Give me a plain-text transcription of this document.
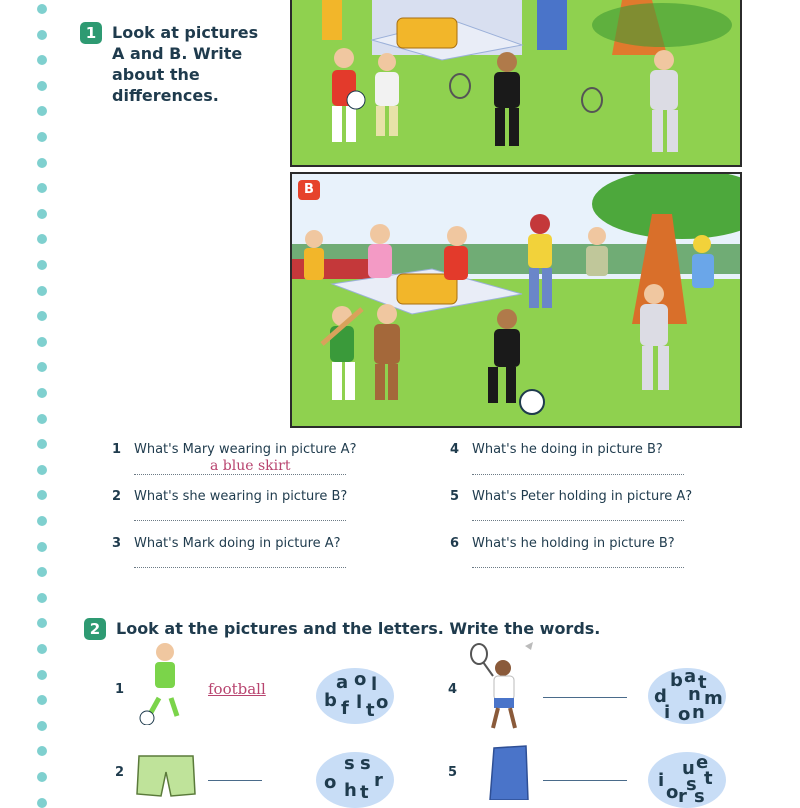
1 Look at pictures
A and B. Write
about the
differences.
B
1 What's Mary wearing in picture A?
a blue skirt
2 What's she wearing in picture B?
3 What's Mark doing in picture A?
4 What's he doing in picture B?
5 What's Peter holding in picture A?
6 What's he holding in picture B?
2 Look at the pictures and the letters. Write the words.
1	football	a o l
b f l t o
2	s s
o h t
r
4	b a t
d n m
i o n
5	u e
i s t
o r s
